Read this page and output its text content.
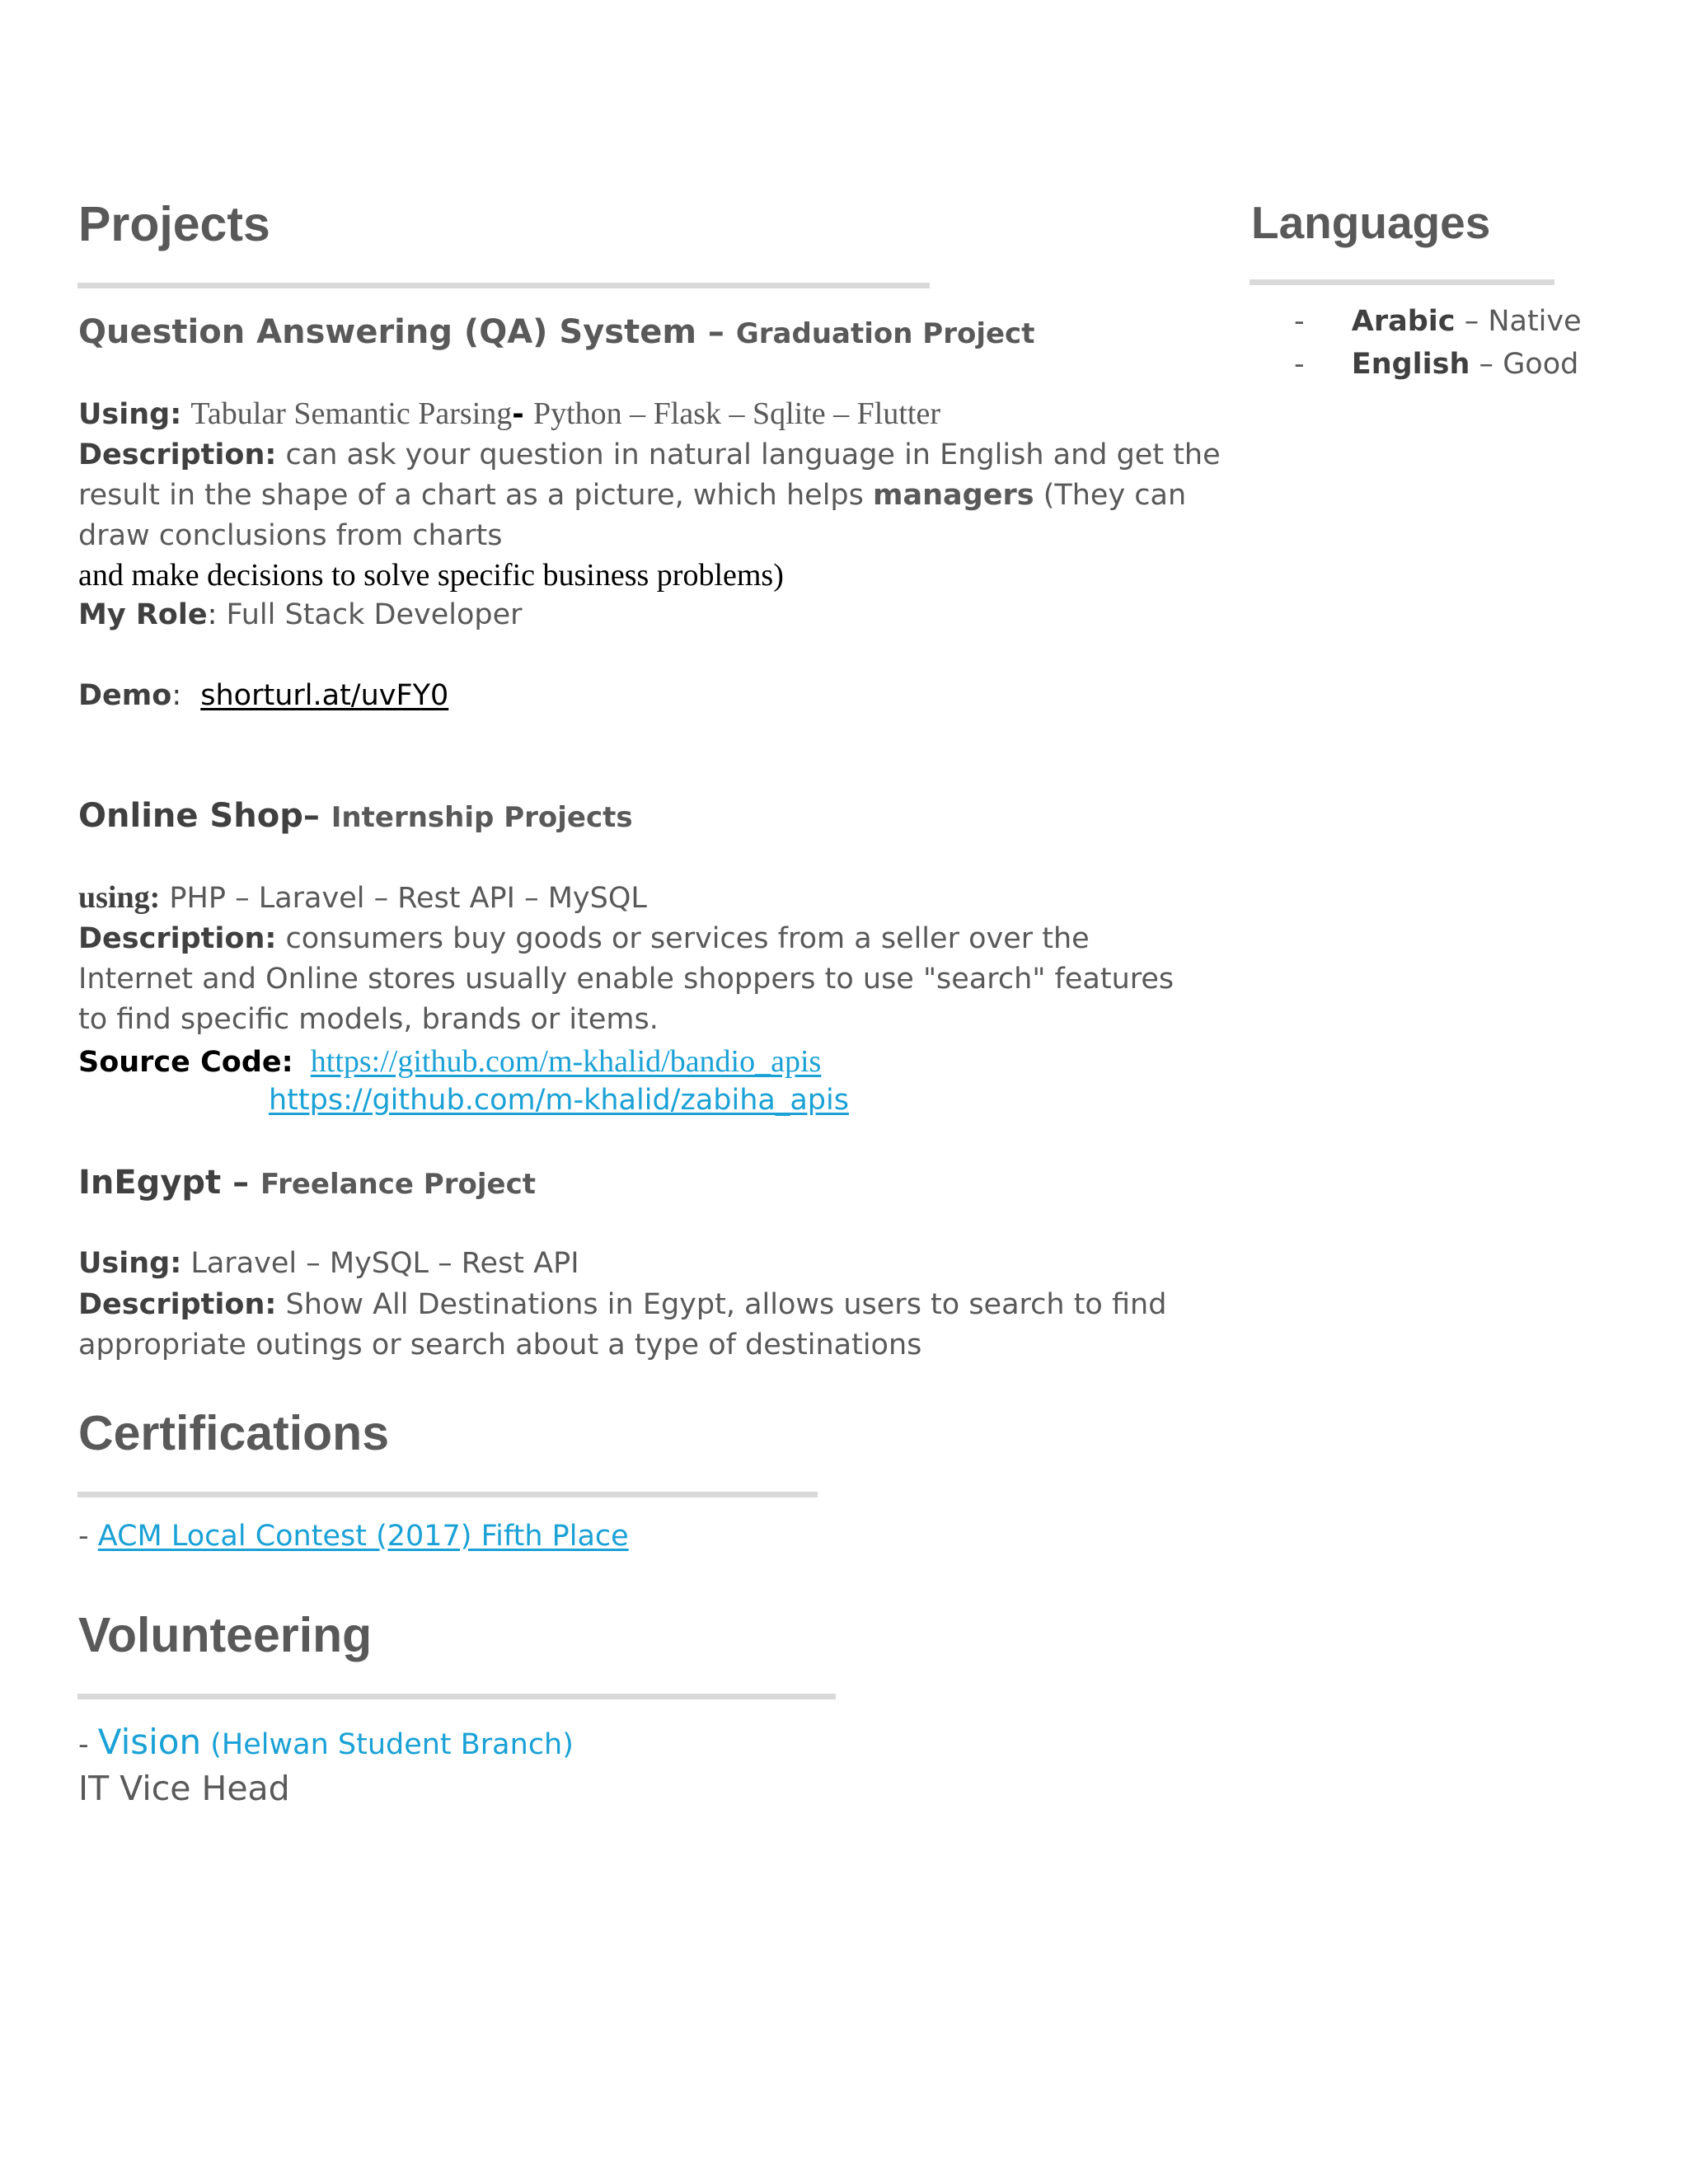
Projects
Question Answering (QA) System – Graduation Project
Using: Tabular Semantic Parsing- Python – Flask – Sqlite – Flutter
Description: can ask your question in natural language in English and get the
result in the shape of a chart as a picture, which helps managers (They can
draw conclusions from charts
and make decisions to solve specific business problems)
My Role: Full Stack Developer
Demo: shorturl.at/uvFY0
Online Shop– Internship Projects
using: PHP – Laravel – Rest API – MySQL
Description: consumers buy goods or services from a seller over the
Internet and Online stores usually enable shoppers to use "search" features
to find specific models, brands or items.
Source Code: https://github.com/m-khalid/bandio_apis
https://github.com/m-khalid/zabiha_apis
InEgypt – Freelance Project
Using: Laravel – MySQL – Rest API
Description: Show All Destinations in Egypt, allows users to search to find
appropriate outings or search about a type of destinations
Certifications
- ACM Local Contest (2017) Fifth Place
Volunteering
- Vision (Helwan Student Branch)
IT Vice Head
Languages
- Arabic – Native
- English – Good
